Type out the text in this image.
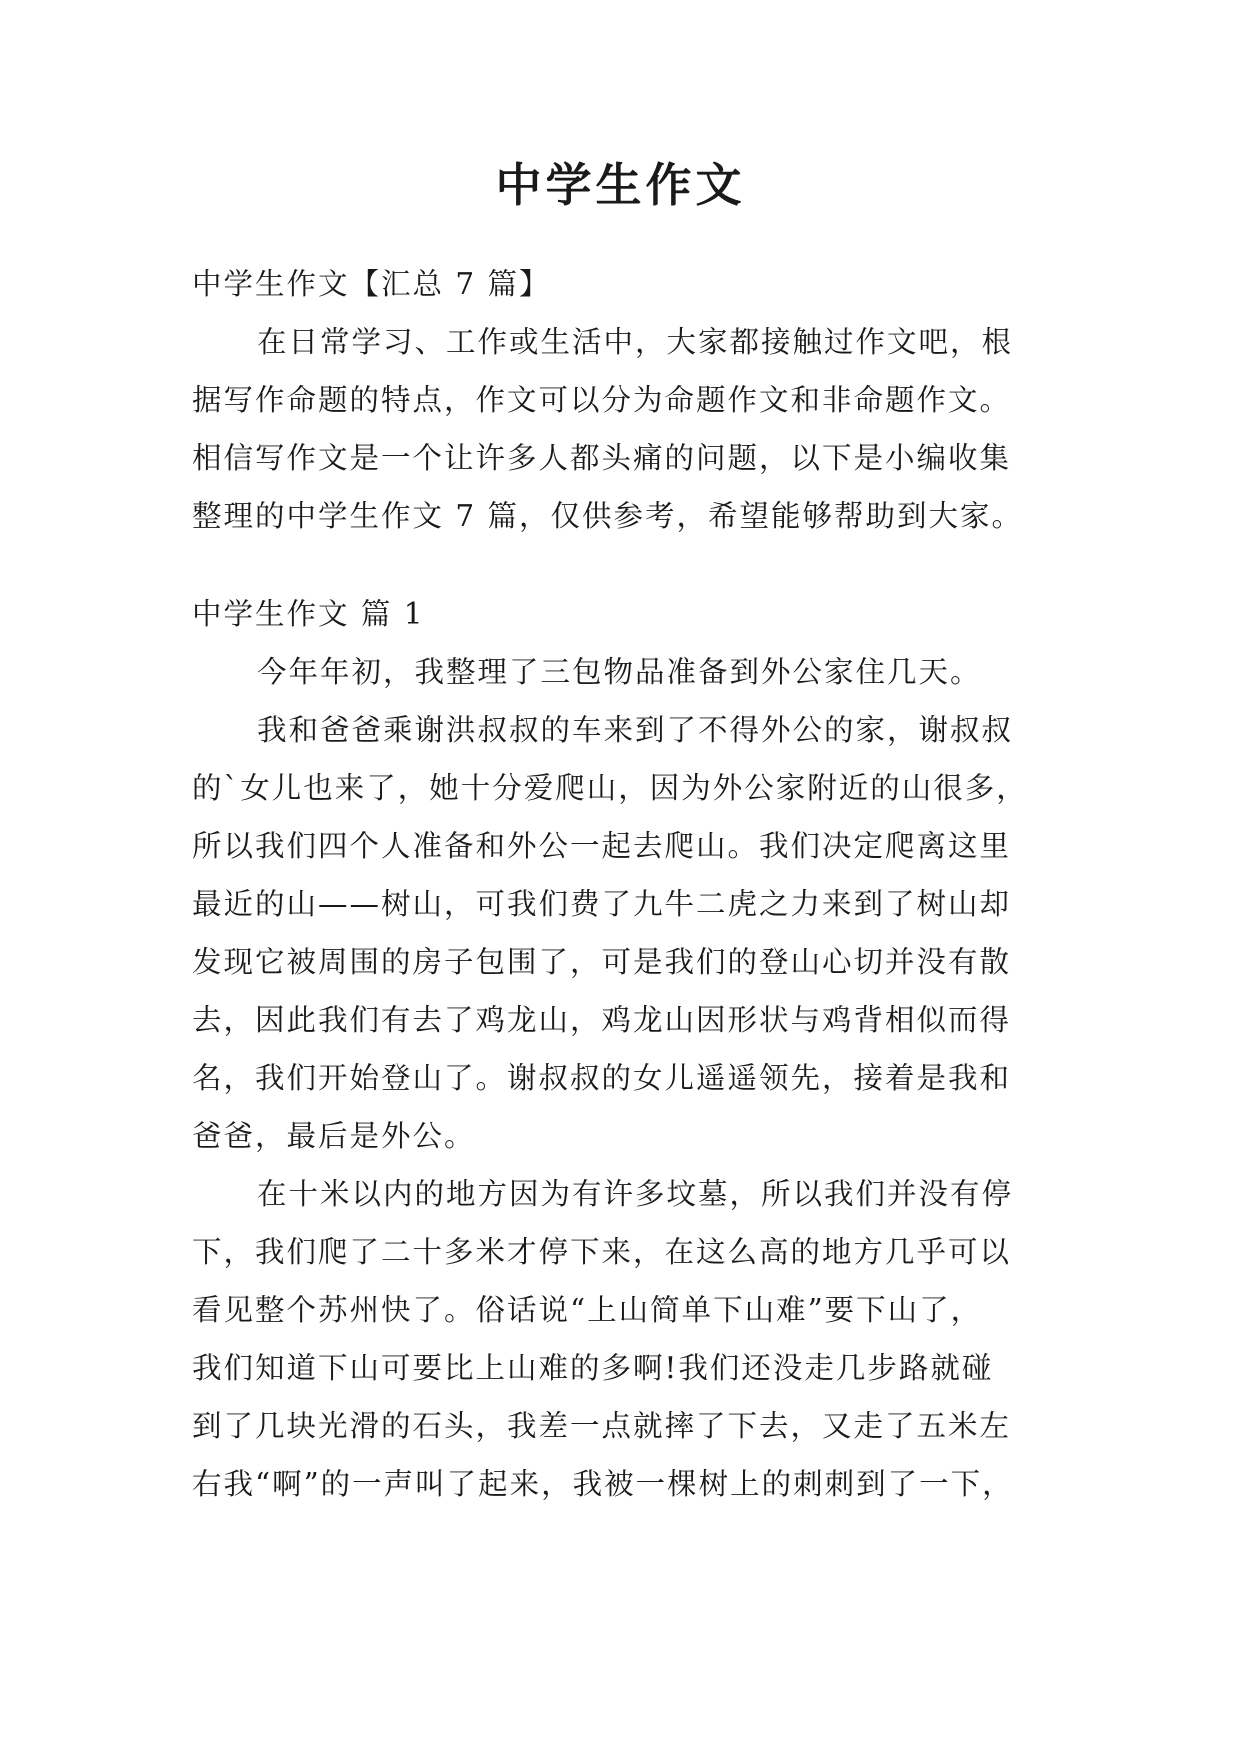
中学生作文
中学生作文【汇总 7 篇】
在日常学习、工作或生活中，大家都接触过作文吧，根
据写作命题的特点，作文可以分为命题作文和非命题作文。
相信写作文是一个让许多人都头痛的问题，以下是小编收集
整理的中学生作文 7 篇，仅供参考，希望能够帮助到大家。
中学生作文 篇 1
今年年初，我整理了三包物品准备到外公家住几天。
我和爸爸乘谢洪叔叔的车来到了不得外公的家，谢叔叔
的`女儿也来了，她十分爱爬山，因为外公家附近的山很多，
所以我们四个人准备和外公一起去爬山。我们决定爬离这里
最近的山——树山，可我们费了九牛二虎之力来到了树山却
发现它被周围的房子包围了，可是我们的登山心切并没有散
去，因此我们有去了鸡龙山，鸡龙山因形状与鸡背相似而得
名，我们开始登山了。谢叔叔的女儿遥遥领先，接着是我和
爸爸，最后是外公。
在十米以内的地方因为有许多坟墓，所以我们并没有停
下，我们爬了二十多米才停下来，在这么高的地方几乎可以
看见整个苏州快了。俗话说“上山简单下山难”要下山了，
我们知道下山可要比上山难的多啊!我们还没走几步路就碰
到了几块光滑的石头，我差一点就摔了下去，又走了五米左
右我“啊”的一声叫了起来，我被一棵树上的刺刺到了一下，
